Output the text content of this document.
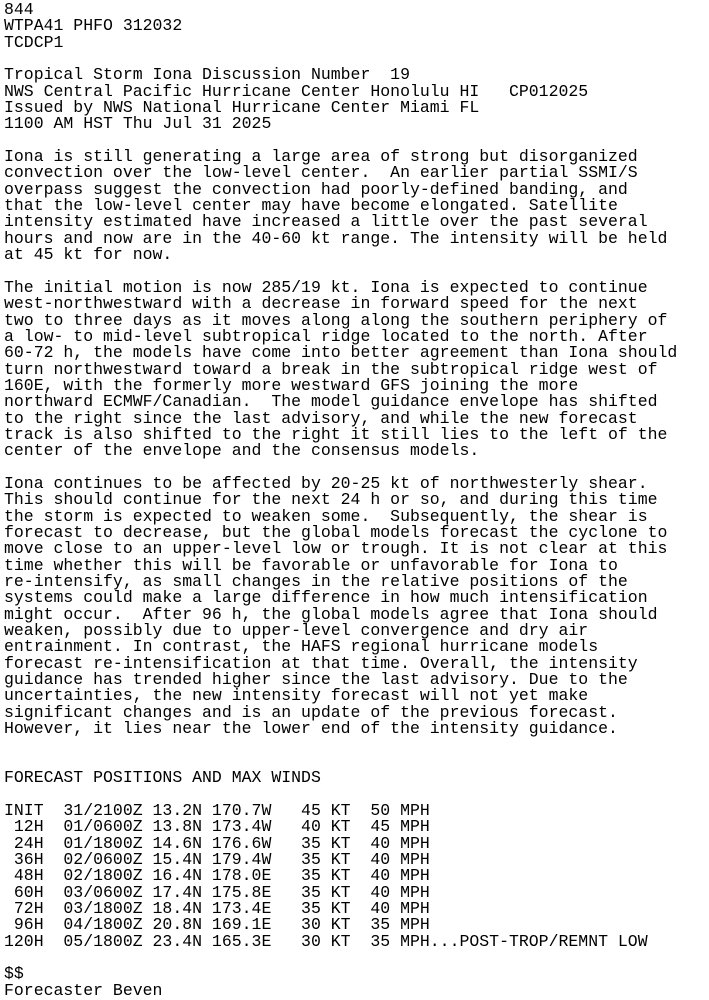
844
WTPA41 PHFO 312032
TCDCP1
Tropical Storm Iona Discussion Number  19
NWS Central Pacific Hurricane Center Honolulu HI   CP012025
Issued by NWS National Hurricane Center Miami FL
1100 AM HST Thu Jul 31 2025
Iona is still generating a large area of strong but disorganized
convection over the low-level center.  An earlier partial SSMI/S
overpass suggest the convection had poorly-defined banding, and
that the low-level center may have become elongated. Satellite
intensity estimated have increased a little over the past several
hours and now are in the 40-60 kt range. The intensity will be held
at 45 kt for now.
The initial motion is now 285/19 kt. Iona is expected to continue
west-northwestward with a decrease in forward speed for the next
two to three days as it moves along along the southern periphery of
a low- to mid-level subtropical ridge located to the north. After
60-72 h, the models have come into better agreement than Iona should
turn northwestward toward a break in the subtropical ridge west of
160E, with the formerly more westward GFS joining the more
northward ECMWF/Canadian.  The model guidance envelope has shifted
to the right since the last advisory, and while the new forecast
track is also shifted to the right it still lies to the left of the
center of the envelope and the consensus models.
Iona continues to be affected by 20-25 kt of northwesterly shear.
This should continue for the next 24 h or so, and during this time
the storm is expected to weaken some.  Subsequently, the shear is
forecast to decrease, but the global models forecast the cyclone to
move close to an upper-level low or trough. It is not clear at this
time whether this will be favorable or unfavorable for Iona to
re-intensify, as small changes in the relative positions of the
systems could make a large difference in how much intensification
might occur.  After 96 h, the global models agree that Iona should
weaken, possibly due to upper-level convergence and dry air
entrainment. In contrast, the HAFS regional hurricane models
forecast re-intensification at that time. Overall, the intensity
guidance has trended higher since the last advisory. Due to the
uncertainties, the new intensity forecast will not yet make
significant changes and is an update of the previous forecast.
However, it lies near the lower end of the intensity guidance.
FORECAST POSITIONS AND MAX WINDS
INIT  31/2100Z 13.2N 170.7W   45 KT  50 MPH
12H  01/0600Z 13.8N 173.4W   40 KT  45 MPH
24H  01/1800Z 14.6N 176.6W   35 KT  40 MPH
36H  02/0600Z 15.4N 179.4W   35 KT  40 MPH
48H  02/1800Z 16.4N 178.0E   35 KT  40 MPH
60H  03/0600Z 17.4N 175.8E   35 KT  40 MPH
72H  03/1800Z 18.4N 173.4E   35 KT  40 MPH
96H  04/1800Z 20.8N 169.1E   30 KT  35 MPH
120H  05/1800Z 23.4N 165.3E   30 KT  35 MPH...POST-TROP/REMNT LOW
$$
Forecaster Beven
